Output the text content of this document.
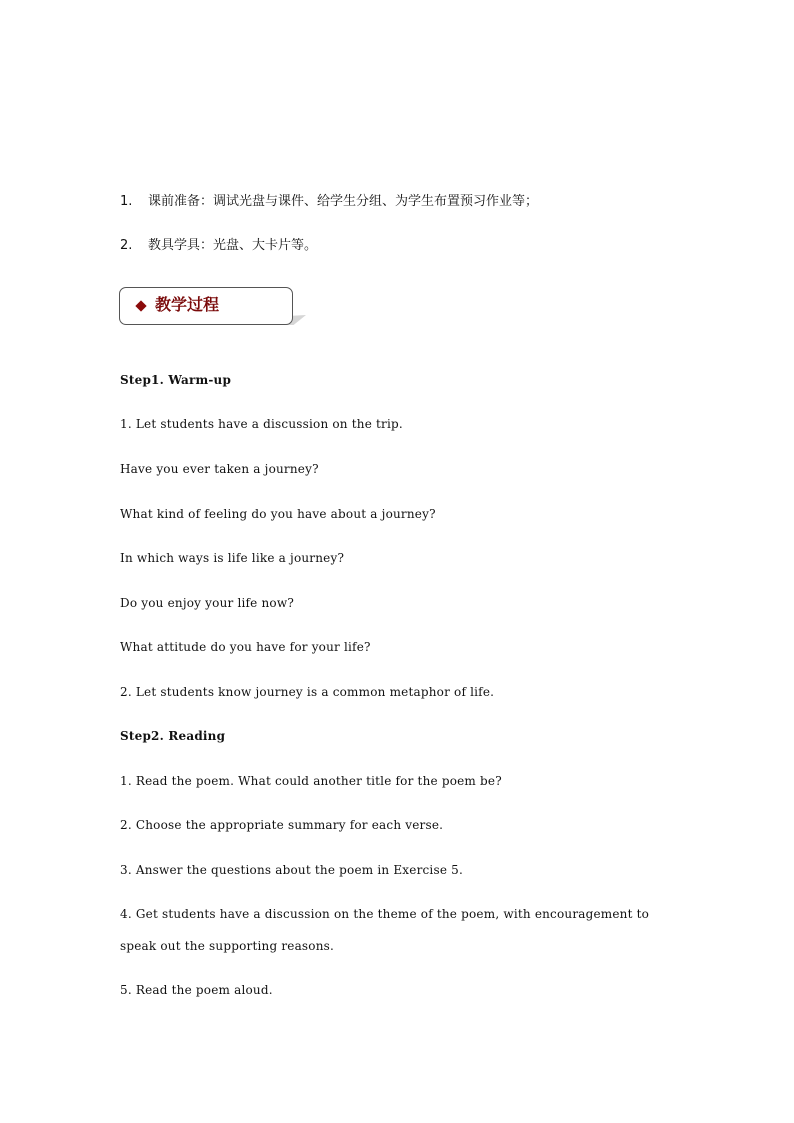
1. 课前准备：调试光盘与课件、给学生分组、为学生布置预习作业等；
2. 教具学具：光盘、大卡片等。
教学过程
Step1. Warm-up
1. Let students have a discussion on the trip.
Have you ever taken a journey?
What kind of feeling do you have about a journey?
In which ways is life like a journey?
Do you enjoy your life now?
What attitude do you have for your life?
2. Let students know journey is a common metaphor of life.
Step2. Reading
1. Read the poem. What could another title for the poem be?
2. Choose the appropriate summary for each verse.
3. Answer the questions about the poem in Exercise 5.
4. Get students have a discussion on the theme of the poem, with encouragement to speak out the supporting reasons.
5. Read the poem aloud.
